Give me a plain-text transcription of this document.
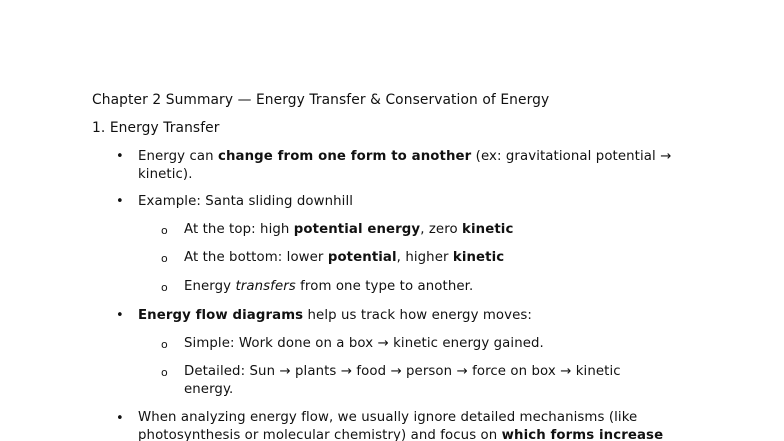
Chapter 2 Summary — Energy Transfer & Conservation of Energy
1. Energy Transfer
• Energy can change from one form to another (ex: gravitational potential → kinetic).
• Example: Santa sliding downhill
o At the top: high potential energy, zero kinetic
o At the bottom: lower potential, higher kinetic
o Energy transfers from one type to another.
• Energy flow diagrams help us track how energy moves:
o Simple: Work done on a box → kinetic energy gained.
o Detailed: Sun → plants → food → person → force on box → kinetic energy.
• When analyzing energy flow, we usually ignore detailed mechanisms (like photosynthesis or molecular chemistry) and focus on which forms increase
